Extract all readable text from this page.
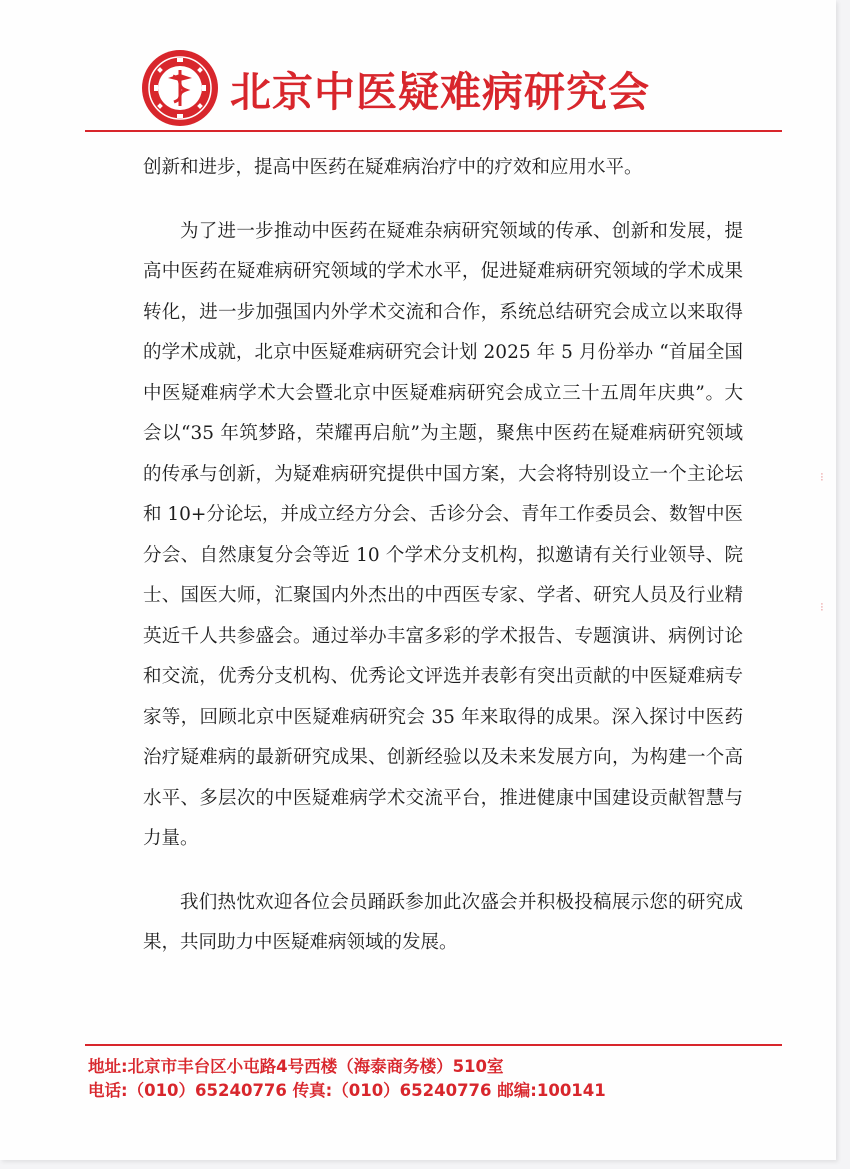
北京中医疑难病研究会

创新和进步，提高中医药在疑难病治疗中的疗效和应用水平。

为了进一步推动中医药在疑难杂病研究领域的传承、创新和发展，提高中医药在疑难病研究领域的学术水平，促进疑难病研究领域的学术成果转化，进一步加强国内外学术交流和合作，系统总结研究会成立以来取得的学术成就，北京中医疑难病研究会计划 2025 年 5 月份举办 “首届全国中医疑难病学术大会暨北京中医疑难病研究会成立三十五周年庆典”。大会以“35 年筑梦路，荣耀再启航”为主题，聚焦中医药在疑难病研究领域的传承与创新，为疑难病研究提供中国方案，大会将特别设立一个主论坛和 10+分论坛，并成立经方分会、舌诊分会、青年工作委员会、数智中医分会、自然康复分会等近 10 个学术分支机构，拟邀请有关行业领导、院士、国医大师，汇聚国内外杰出的中西医专家、学者、研究人员及行业精英近千人共参盛会。通过举办丰富多彩的学术报告、专题演讲、病例讨论和交流，优秀分支机构、优秀论文评选并表彰有突出贡献的中医疑难病专家等，回顾北京中医疑难病研究会 35 年来取得的成果。深入探讨中医药治疗疑难病的最新研究成果、创新经验以及未来发展方向，为构建一个高水平、多层次的中医疑难病学术交流平台，推进健康中国建设贡献智慧与力量。

我们热忱欢迎各位会员踊跃参加此次盛会并积极投稿展示您的研究成果，共同助力中医疑难病领域的发展。

地址:北京市丰台区小屯路4号西楼（海泰商务楼）510室
电话:（010）65240776 传真:（010）65240776 邮编:100141
⁝
⁝
